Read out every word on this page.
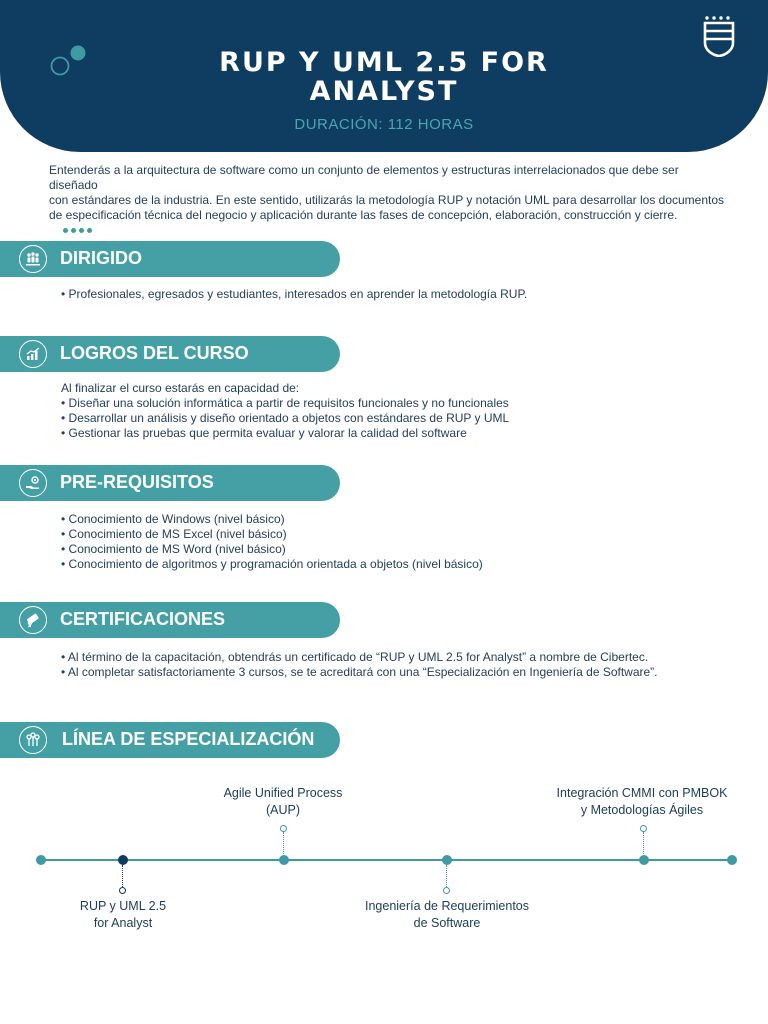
RUP Y UML 2.5 FOR
ANALYST
DURACIÓN: 112 HORAS
Entenderás a la arquitectura de software como un conjunto de elementos y estructuras interrelacionados que debe ser diseñado
con estándares de la industria. En este sentido, utilizarás la metodología RUP y notación UML para desarrollar los documentos
de especificación técnica del negocio y aplicación durante las fases de concepción, elaboración, construcción y cierre.
DIRIGIDO
• Profesionales, egresados y estudiantes, interesados en aprender la metodología RUP.
LOGROS DEL CURSO
Al finalizar el curso estarás en capacidad de:
• Diseñar una solución informática a partir de requisitos funcionales y no funcionales
• Desarrollar un análisis y diseño orientado a objetos con estándares de RUP y UML
• Gestionar las pruebas que permita evaluar y valorar la calidad del software
PRE-REQUISITOS
• Conocimiento de Windows (nivel básico)
• Conocimiento de MS Excel (nivel básico)
• Conocimiento de MS Word (nivel básico)
• Conocimiento de algoritmos y programación orientada a objetos (nivel básico)
CERTIFICACIONES
• Al término de la capacitación, obtendrás un certificado de “RUP y UML 2.5 for Analyst” a nombre de Cibertec.
• Al completar satisfactoriamente 3 cursos, se te acreditará con una “Especialización en Ingeniería de Software”.
LÍNEA DE ESPECIALIZACIÓN
RUP y UML 2.5
for Analyst
Agile Unified Process
(AUP)
Ingeniería de Requerimientos
de Software
Integración CMMI con PMBOK
y Metodologías Ágiles
